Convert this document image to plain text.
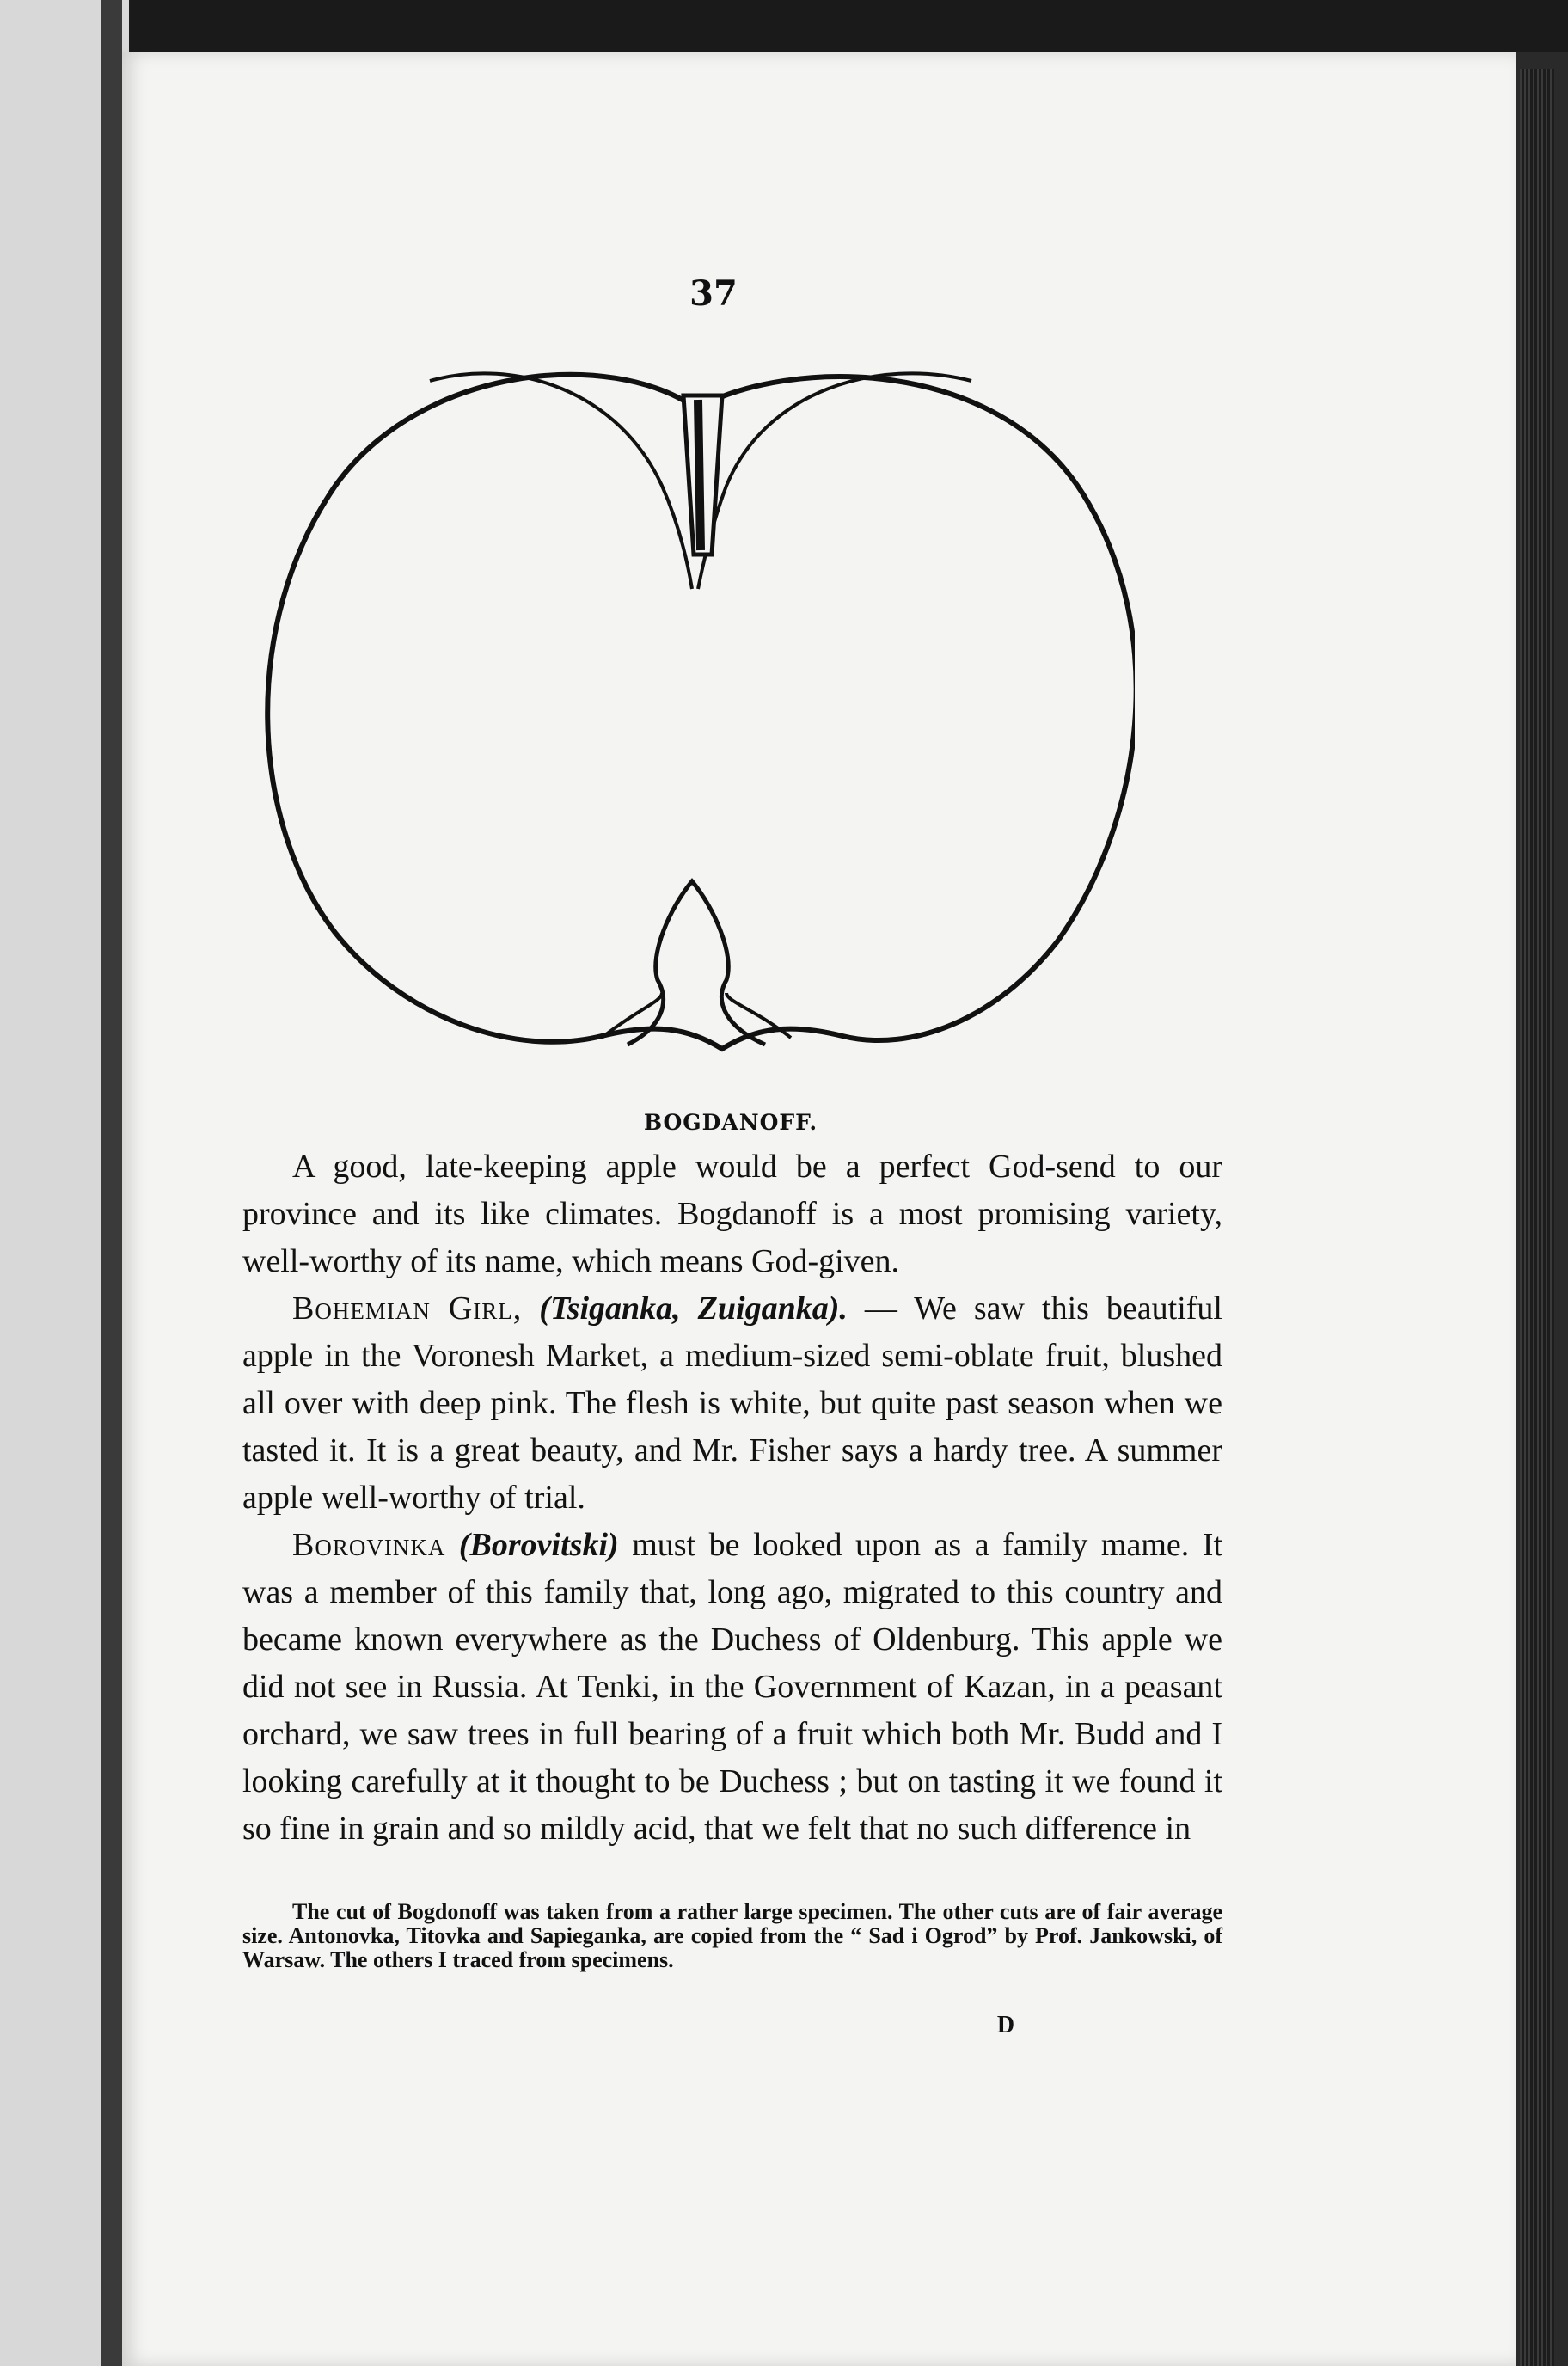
37
BOGDANOFF.

A good, late-keeping apple would be a perfect God-send to our province and its like climates. Bogdanoff is a most promising variety, well-worthy of its name, which means God-given.

Bohemian Girl, (Tsiganka, Zuiganka). — We saw this beautiful apple in the Voronesh Market, a medium-sized semi-oblate fruit, blushed all over with deep pink. The flesh is white, but quite past season when we tasted it. It is a great beauty, and Mr. Fisher says a hardy tree. A summer apple well-worthy of trial.

Borovinka (Borovitski) must be looked upon as a family mame. It was a member of this family that, long ago, migrated to this country and became known everywhere as the Duchess of Oldenburg. This apple we did not see in Russia. At Tenki, in the Government of Kazan, in a peasant orchard, we saw trees in full bearing of a fruit which both Mr. Budd and I looking carefully at it thought to be Duchess ; but on tasting it we found it so fine in grain and so mildly acid, that we felt that no such difference in

The cut of Bogdonoff was taken from a rather large specimen. The other cuts are of fair average size. Antonovka, Titovka and Sapieganka, are copied from the “ Sad i Ogrod” by Prof. Jankowski, of Warsaw. The others I traced from specimens.
D
